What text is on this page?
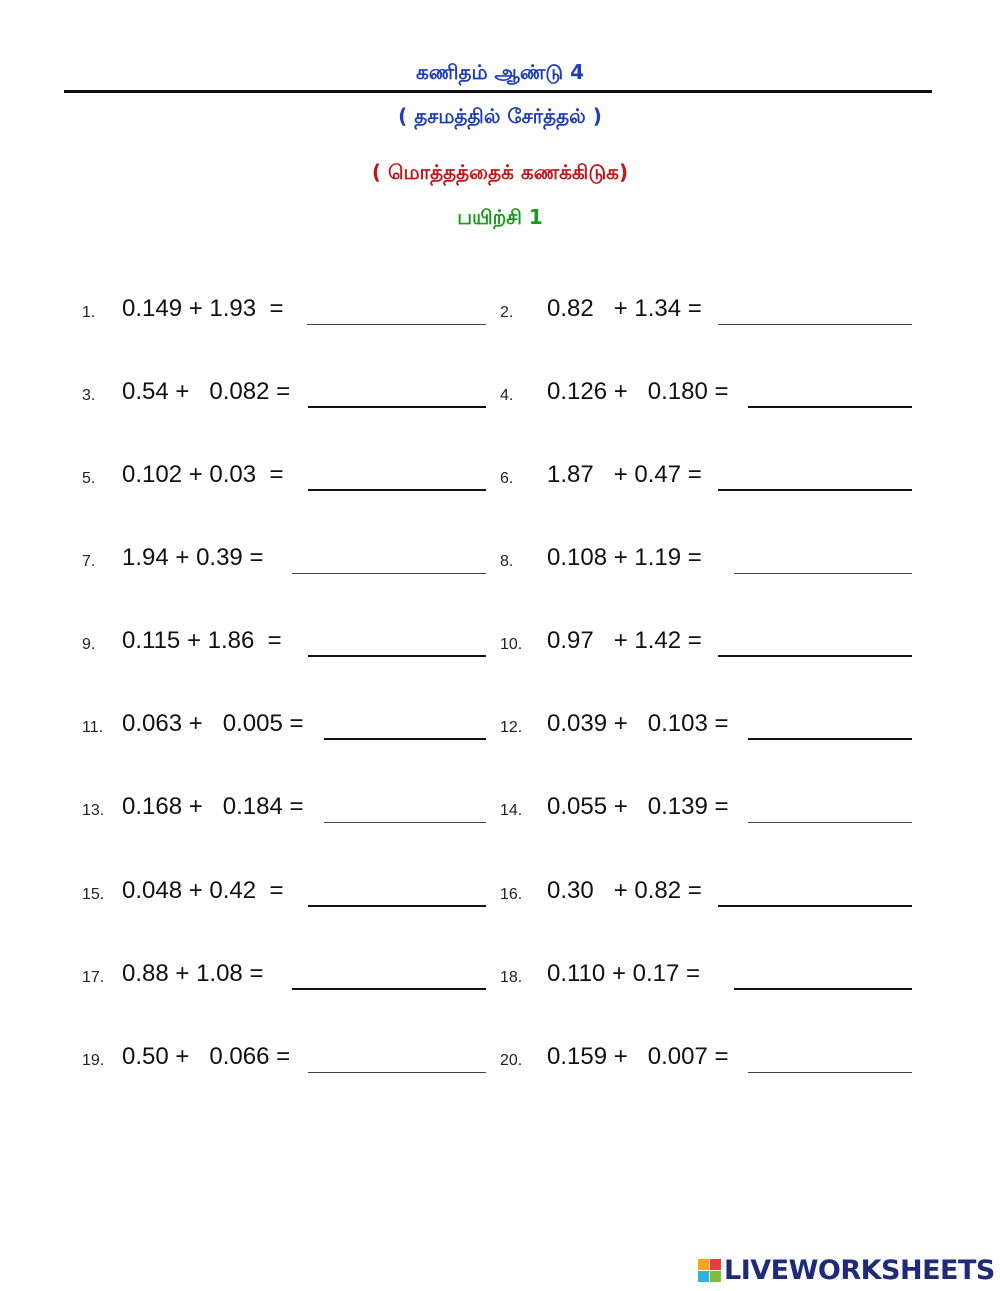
கணிதம் ஆண்டு 4
( தசமத்தில் சேர்த்தல் )
( மொத்தத்தைக் கணக்கிடுக)
பயிற்சி 1
1. 0.149 + 1.93  =	2. 0.82   + 1.34 =
3. 0.54 +   0.082 =	4. 0.126 +   0.180 =
5. 0.102 + 0.03  =	6. 1.87   + 0.47 =
7. 1.94 + 0.39 =	8. 0.108 + 1.19 =
9. 0.115 + 1.86  =	10. 0.97   + 1.42 =
11. 0.063 +   0.005 =	12. 0.039 +   0.103 =
13. 0.168 +   0.184 =	14. 0.055 +   0.139 =
15. 0.048 + 0.42  =	16. 0.30   + 0.82 =
17. 0.88 + 1.08 =	18. 0.110 + 0.17 =
19. 0.50 +   0.066 =	20. 0.159 +   0.007 =
LIVEWORKSHEETS
